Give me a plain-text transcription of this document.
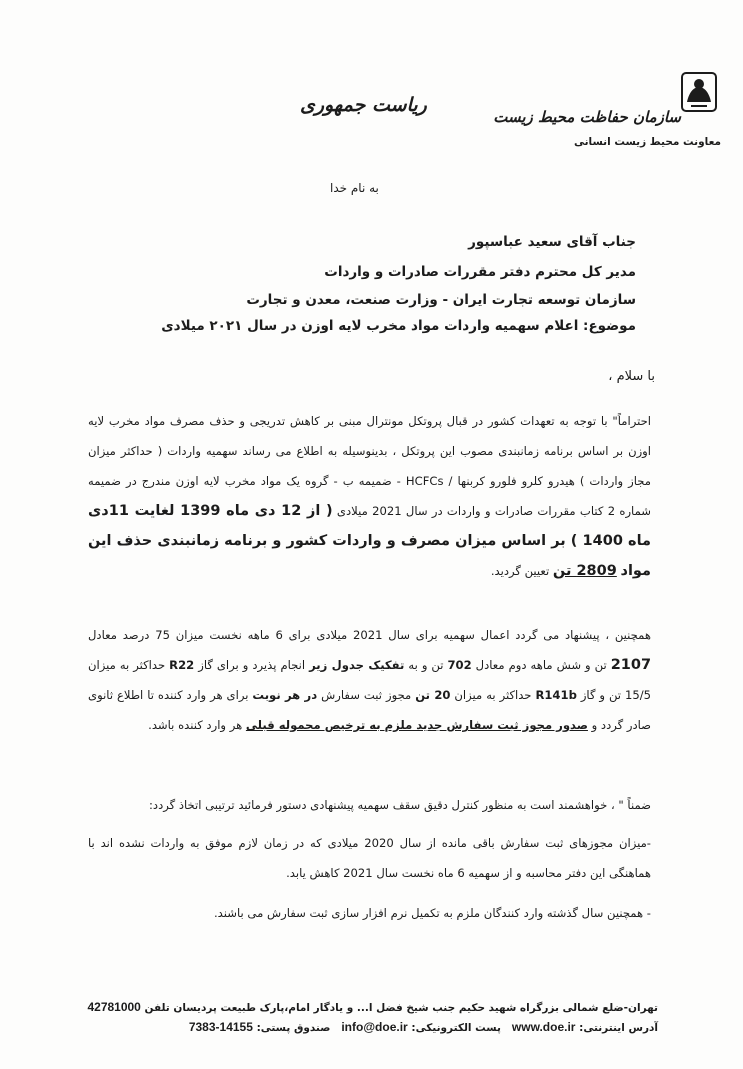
سازمان حفاظت محیط زیست
معاونت محیط زیست انسانی
ریاست جمهوری
به نام خدا
جناب آقای سعید عباسپور
مدیر کل محترم دفتر مقررات صادرات و واردات
سازمان توسعه تجارت ایران - وزارت صنعت، معدن و تجارت
موضوع: اعلام سهمیه واردات مواد مخرب لایه اوزن در سال ۲۰۲۱ میلادی
با سلام ،
احتراماً" با توجه به تعهدات کشور در قبال پروتکل مونترال مبنی بر کاهش تدریجی و حذف مصرف مواد مخرب لایه اوزن بر اساس برنامه زمانبندی مصوب این پروتکل ، بدینوسیله به اطلاع می رساند سهمیه واردات ( حداکثر میزان مجاز واردات ) هیدرو کلرو فلورو کربنها / HCFCs - ضمیمه ب - گروه یک مواد مخرب لایه اوزن مندرج در ضمیمه شماره 2 کتاب مقررات صادرات و واردات در سال 2021 میلادی ( از 12 دی ماه 1399 لغایت 11دی ماه 1400 ) بر اساس میزان مصرف و واردات کشور و برنامه زمانبندی حذف این مواد 2809 تن تعیین گردید.
همچنین ، پیشنهاد می گردد اعمال سهمیه برای سال 2021 میلادی برای 6 ماهه نخست میزان 75 درصد معادل 2107 تن و شش ماهه دوم معادل 702 تن و به تفکیک جدول زیر انجام پذیرد و برای گاز R22 حداکثر به میزان 15/5 تن و گاز R141b حداکثر به میزان 20 تن مجوز ثبت سفارش در هر نوبت برای هر وارد کننده تا اطلاع ثانوی صادر گردد و صدور مجوز ثبت سفارش جدید ملزم به ترخیص محموله قبلی هر وارد کننده باشد.
ضمناً " ، خواهشمند است به منظور کنترل دقیق سقف سهمیه پیشنهادی دستور فرمائید ترتیبی اتخاذ گردد:
-میزان مجوزهای ثبت سفارش باقی مانده از سال 2020 میلادی که در زمان لازم موفق به واردات نشده اند با هماهنگی این دفتر محاسبه و از سهمیه 6 ماه نخست سال 2021 کاهش یابد.
- همچنین سال گذشته وارد کنندگان ملزم به تکمیل نرم افزار سازی ثبت سفارش می باشند.
تهران-ضلع شمالی بزرگراه شهید حکیم جنب شیخ فضل ا... و یادگار امام،پارک طبیعت پردیسان تلفن 42781000
آدرس اینترنتی: www.doe.ir   پست الکترونیکی: info@doe.ir   صندوق پستی: 14155-7383
